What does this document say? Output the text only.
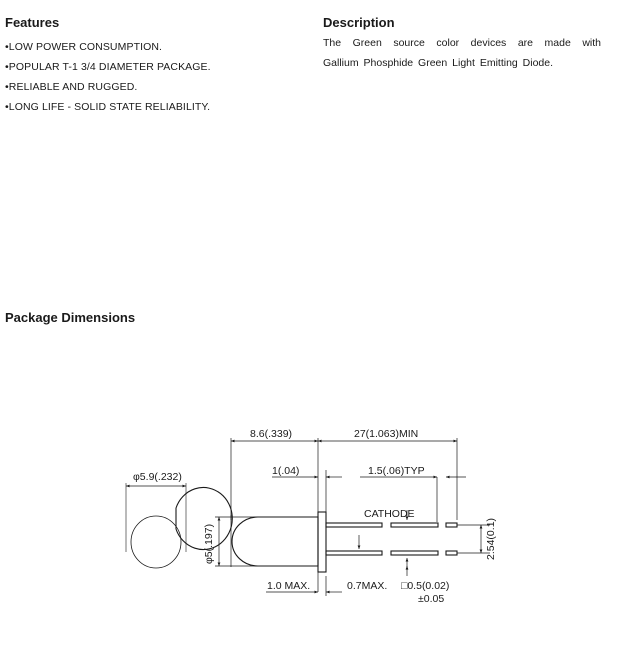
Features
• LOW POWER CONSUMPTION.
• POPULAR T-1 3/4 DIAMETER PACKAGE.
• RELIABLE AND RUGGED.
• LONG LIFE - SOLID STATE RELIABILITY.
Description

The Green source color devices are made with
Gallium Phosphide Green Light Emitting Diode.

Package Dimensions
φ5.9(.232)
8.6(.339)	27(1.063)MIN
1(.04)	1.5(.06)TYP
CATHODE
φ5(.197)	2.54(0.1)
1.0 MAX.	0.7MAX. □0.5(0.02)
±0.05
